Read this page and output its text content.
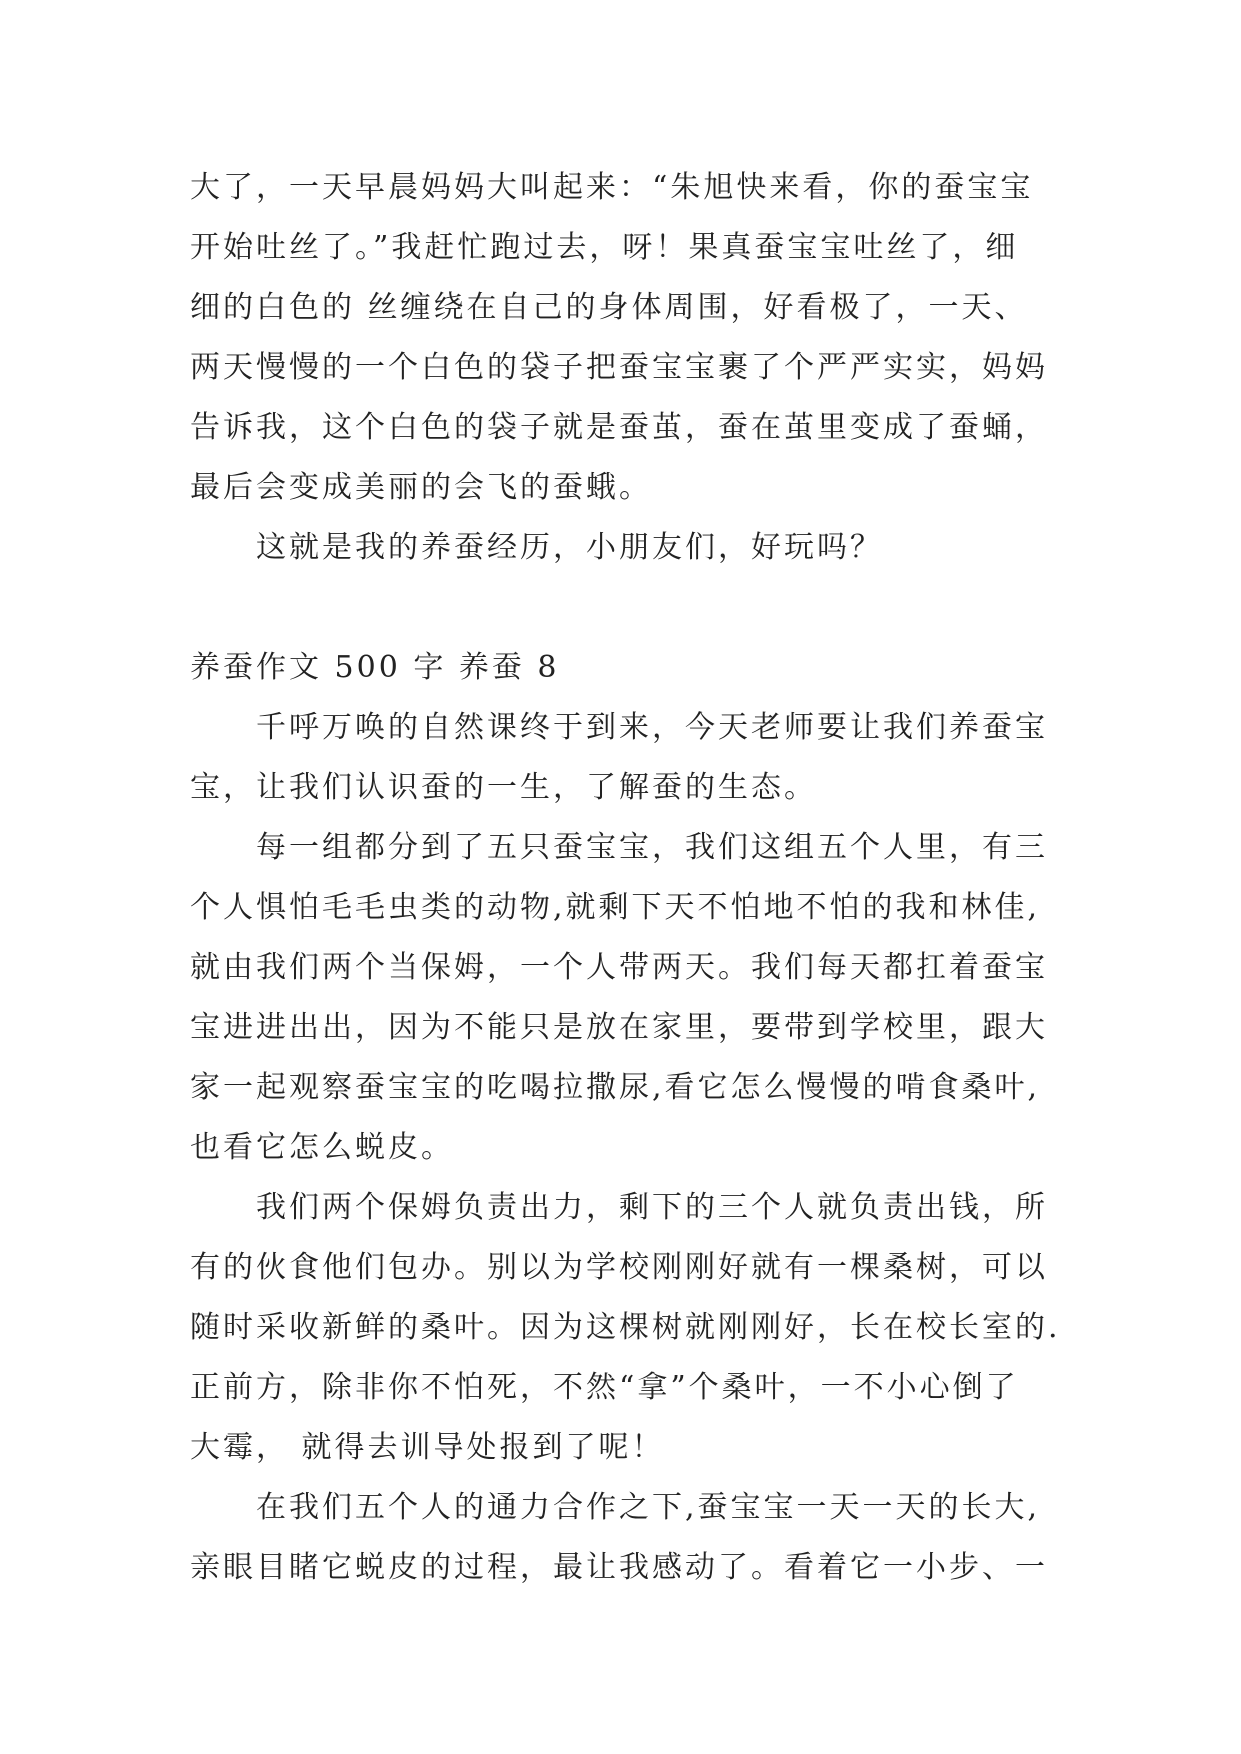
大了，一天早晨妈妈大叫起来：“朱旭快来看，你的蚕宝宝
开始吐丝了。”我赶忙跑过去，呀！果真蚕宝宝吐丝了，细
细的白色的 丝缠绕在自己的身体周围，好看极了，一天、
两天慢慢的一个白色的袋子把蚕宝宝裹了个严严实实，妈妈
告诉我，这个白色的袋子就是蚕茧，蚕在茧里变成了蚕蛹，
最后会变成美丽的会飞的蚕蛾。
这就是我的养蚕经历，小朋友们，好玩吗？
养蚕作文 500 字 养蚕 8
千呼万唤的自然课终于到来，今天老师要让我们养蚕宝
宝，让我们认识蚕的一生，了解蚕的生态。
每一组都分到了五只蚕宝宝，我们这组五个人里，有三
个人惧怕毛毛虫类的动物,就剩下天不怕地不怕的我和林佳,
就由我们两个当保姆，一个人带两天。我们每天都扛着蚕宝
宝进进出出，因为不能只是放在家里，要带到学校里，跟大
家一起观察蚕宝宝的吃喝拉撒尿,看它怎么慢慢的啃食桑叶,
也看它怎么蜕皮。
我们两个保姆负责出力，剩下的三个人就负责出钱，所
有的伙食他们包办。别以为学校刚刚好就有一棵桑树，可以
随时采收新鲜的桑叶。因为这棵树就刚刚好，长在校长室的.
正前方，除非你不怕死，不然“拿”个桑叶，一不小心倒了
大霉， 就得去训导处报到了呢！
在我们五个人的通力合作之下,蚕宝宝一天一天的长大,
亲眼目睹它蜕皮的过程，最让我感动了。看着它一小步、一
